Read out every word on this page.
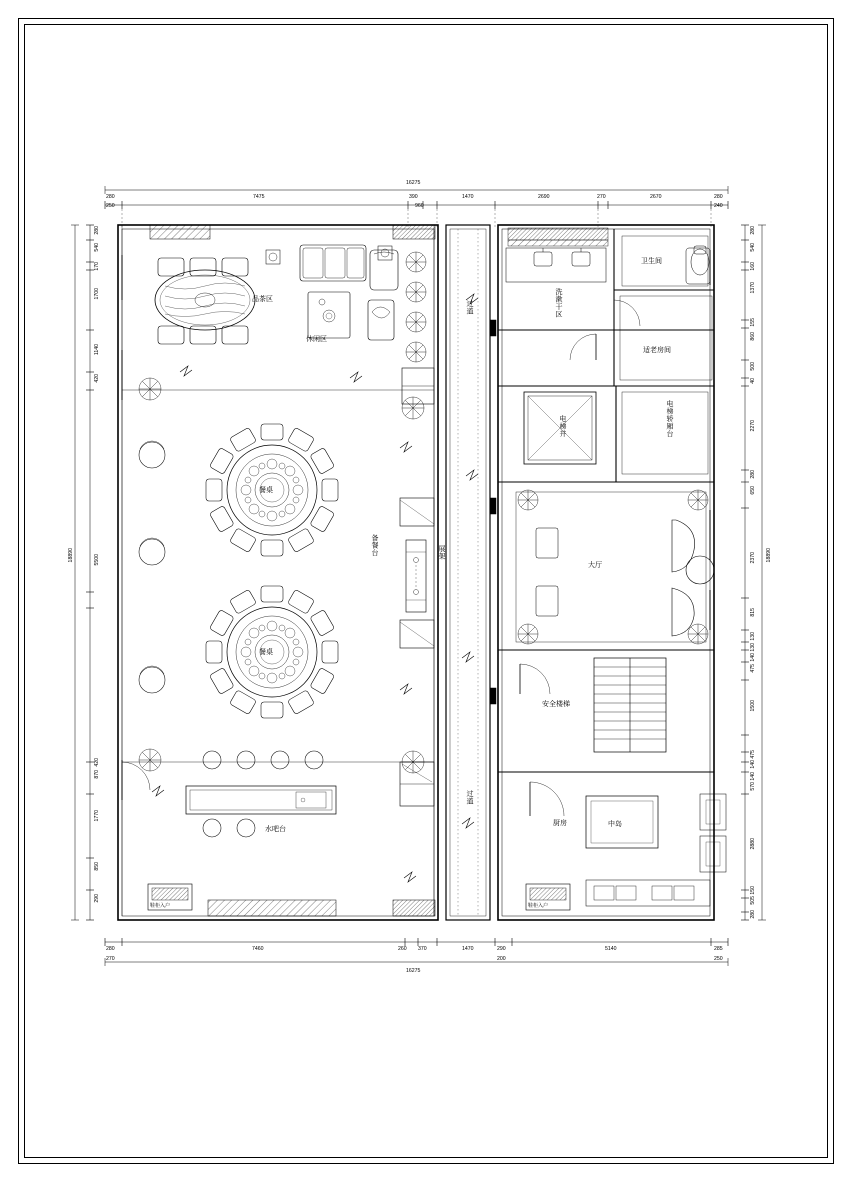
品茶区
休闲区
餐桌
餐桌
备餐台	展架
水吧台
过道
过道
卫生间
洗漱干区
适老房间
电梯井	电梯轿厢台
大厅
安全楼梯
厨房	中岛
鞋柜入户	鞋柜入户
16275
280	7475	390	1470	2690	270	2670	280
250	960	240
280	7460	260 370	1470	290	5140	285
270	200	250
16275
18890
280
540
170
1700
1140
420
5500
420
870
1770
850
290
18890
280
540
160
1370
155
860
500
40
2270
280
650
2370
815
130
130
140
475
1500
475
140
140
570
2880
150
505
280
